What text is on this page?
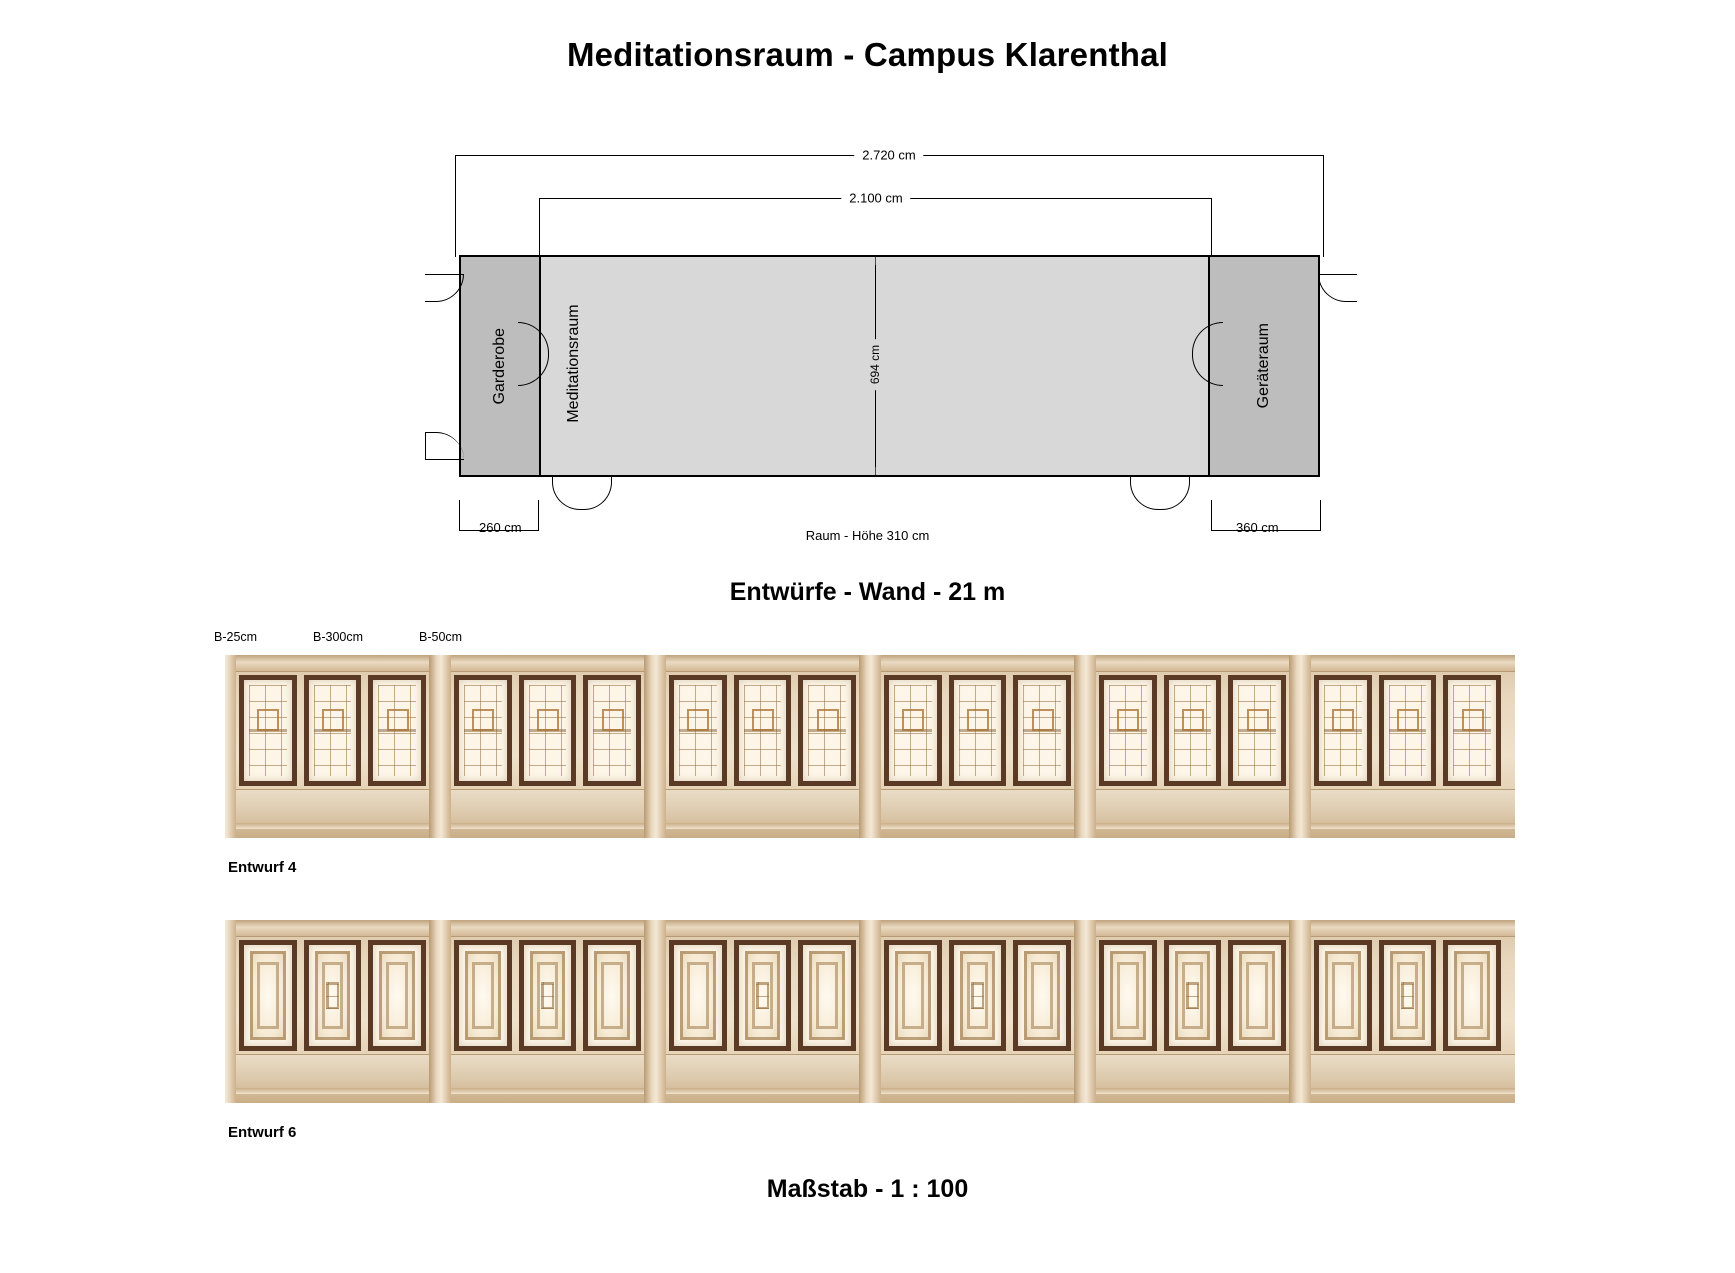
Meditationsraum - Campus Klarenthal
2.720 cm
2.100 cm
Garderobe	694 cm
Meditationsraum	Geräteraum
260 cm	360 cm
Raum - Höhe 310 cm
Entwürfe - Wand - 21 m
B-25cm	B-300cm	B-50cm
Entwurf 4
Entwurf 6
Maßstab - 1 : 100
